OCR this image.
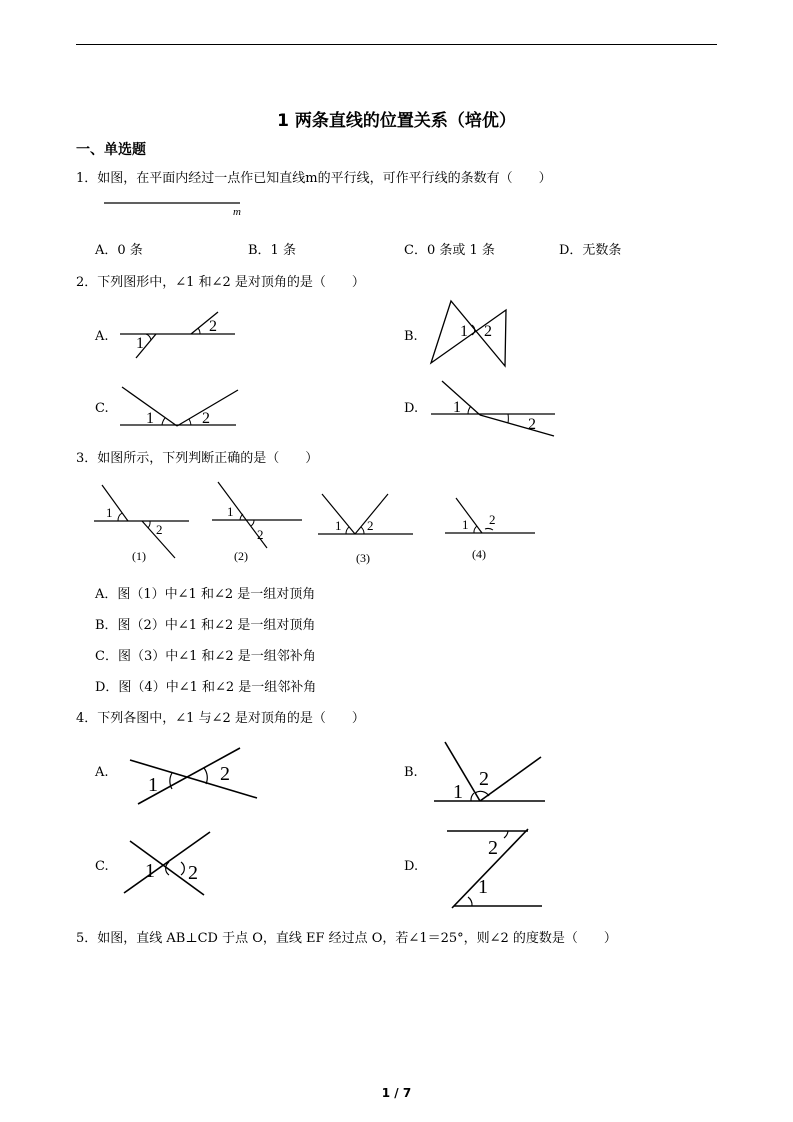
1 两条直线的位置关系（培优）
一、单选题
1．如图，在平面内经过一点作已知直线m的平行线，可作平行线的条数有（　　）
m
A．0 条	B．1 条	C．0 条或 1 条	D．无数条
2．下列图形中，∠1 和∠2 是对顶角的是（　　）
A. 1
2
B.	1 2
C.
1	2
D. 1
2
3．如图所示，下列判断正确的是（　　）
1
2
(1)
1
2
(2)
1 2
(3)
1 2
(4)
A．图（1）中∠1 和∠2 是一组对顶角
B．图（2）中∠1 和∠2 是一组对顶角
C．图（3）中∠1 和∠2 是一组邻补角
D．图（4）中∠1 和∠2 是一组邻补角
4．下列各图中，∠1 与∠2 是对顶角的是（　　）
A.
1	2	B.
1
2
C. 1 2	D.
2
1
5．如图，直线 AB⊥CD 于点 O，直线 EF 经过点 O，若∠1＝25°，则∠2 的度数是（　　）
1 / 7
